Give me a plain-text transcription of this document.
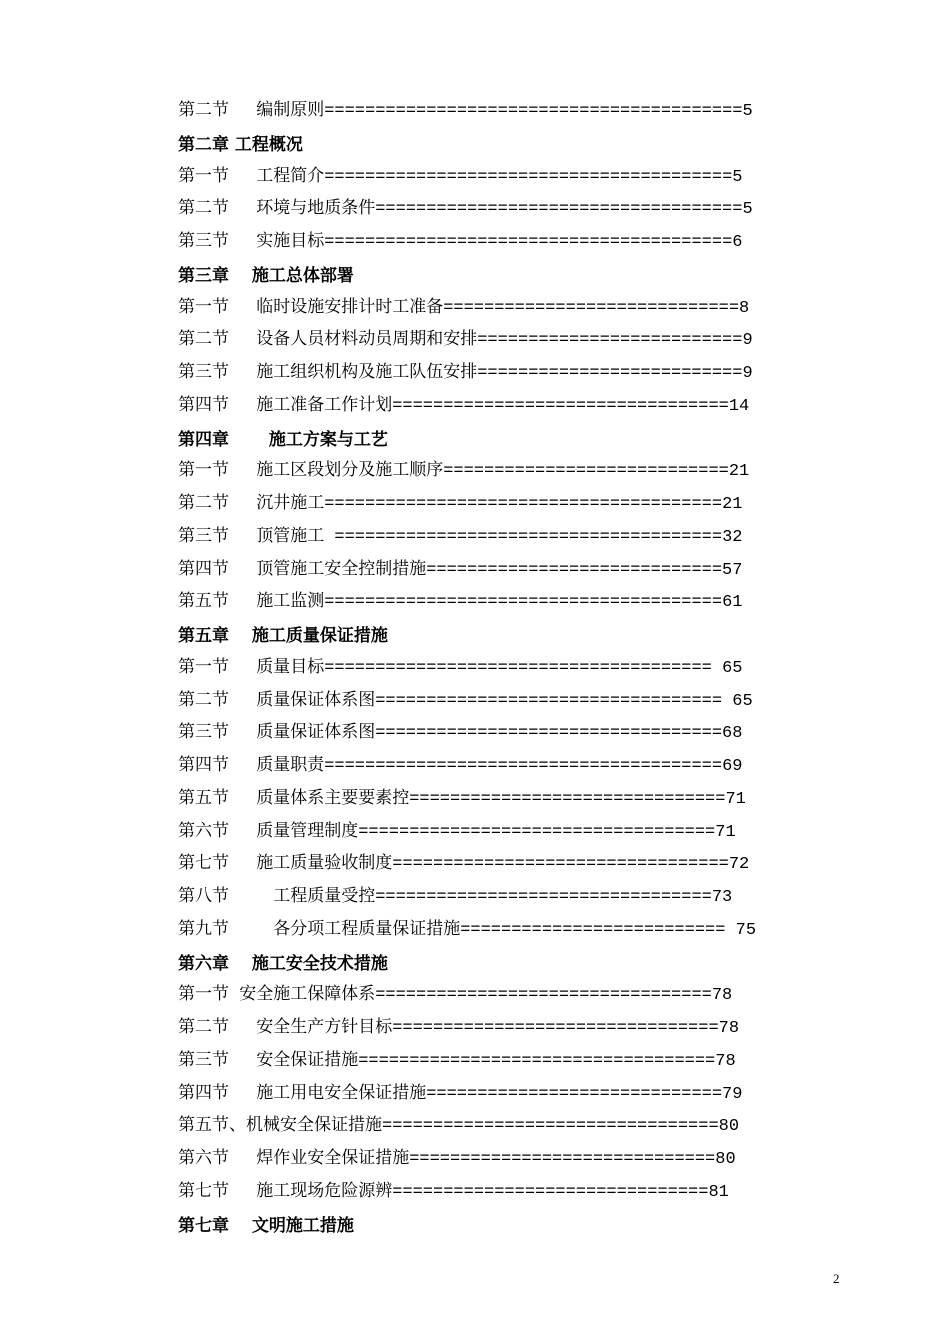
第二节　 编制原则=========================================5
第二章 工程概况
第一节　 工程简介========================================5
第二节　 环境与地质条件====================================5
第三节　 实施目标========================================6
第三章　 施工总体部署
第一节　 临时设施安排计时工准备=============================8
第二节　 设备人员材料动员周期和安排==========================9
第三节　 施工组织机构及施工队伍安排==========================9
第四节　 施工准备工作计划=================================14
第四章　　 施工方案与工艺
第一节　 施工区段划分及施工顺序============================21
第二节　 沉井施工=======================================21
第三节　 顶管施工 ======================================32
第四节　 顶管施工安全控制措施=============================57
第五节　 施工监测=======================================61
第五章　 施工质量保证措施
第一节　 质量目标====================================== 65
第二节　 质量保证体系图================================== 65
第三节　 质量保证体系图==================================68
第四节　 质量职责=======================================69
第五节　 质量体系主要要素控===============================71
第六节　 质量管理制度===================================71
第七节　 施工质量验收制度=================================72
第八节　　 工程质量受控=================================73
第九节　　 各分项工程质量保证措施========================== 75
第六章　 施工安全技术措施
第一节 安全施工保障体系=================================78
第二节　 安全生产方针目标================================78
第三节　 安全保证措施===================================78
第四节　 施工用电安全保证措施=============================79
第五节、机械安全保证措施=================================80
第六节　 焊作业安全保证措施==============================80
第七节　 施工现场危险源辨===============================81
第七章　 文明施工措施
2
